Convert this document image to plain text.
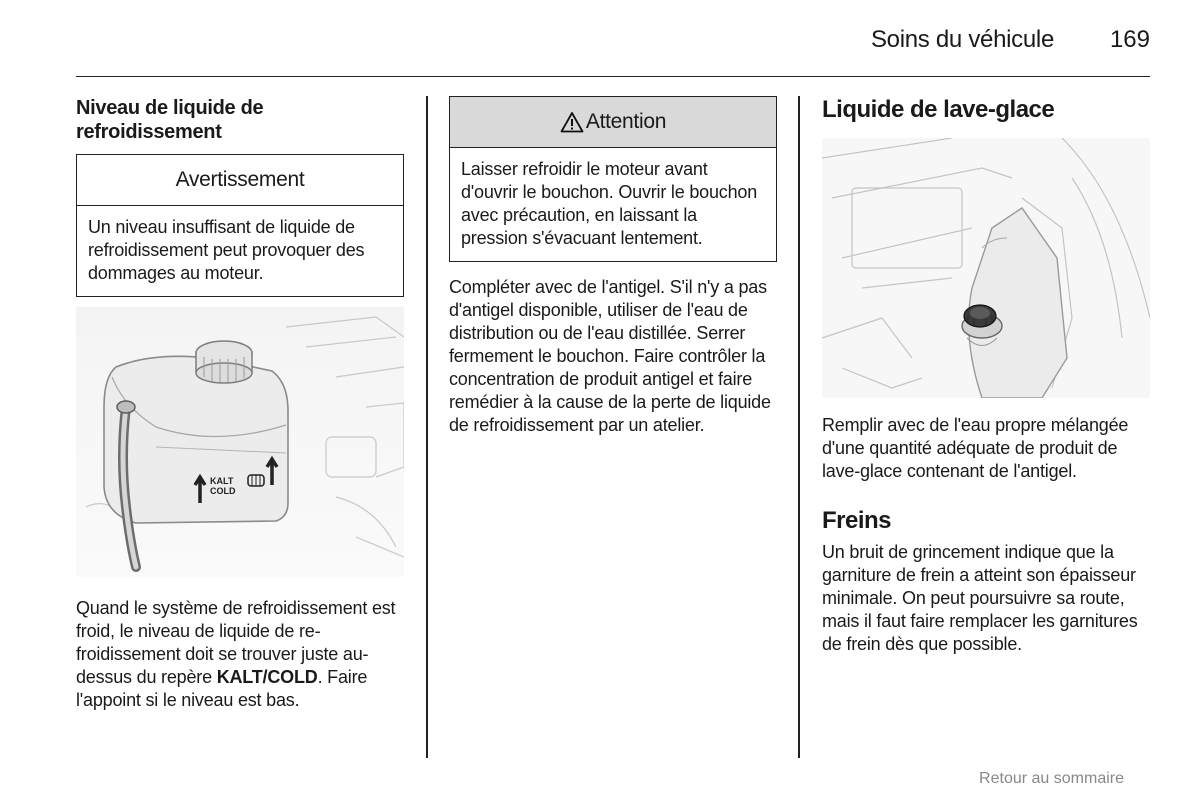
Soins du véhicule 169
Niveau de liquide de refroidissement
Avertissement

Un niveau insuffisant de liquide de refroidissement peut provoquer des dommages au moteur.

KALT
COLD

Quand le système de refroidissement est froid, le niveau de liquide de refroidissement doit se trouver juste audessus du repère KALT/COLD. Faire l'appoint si le niveau est bas.

Attention

Laisser refroidir le moteur avant d'ouvrir le bouchon. Ouvrir le bouchon avec précaution, en laissant la pression s'évacuant lentement.

Compléter avec de l'antigel. S'il n'y a pas d'antigel disponible, utiliser de l'eau de distribution ou de l'eau distillée. Serrer fermement le bouchon. Faire contrôler la concentration de produit antigel et faire remédier à la cause de la perte de liquide de refroidissement par un atelier.

Liquide de lave-glace

Remplir avec de l'eau propre mélangée d'une quantité adéquate de produit de lave-glace contenant de l'antigel.

Freins

Un bruit de grincement indique que la garniture de frein a atteint son épaisseur minimale. On peut poursuivre sa route, mais il faut faire remplacer les garnitures de frein dès que possible.

Retour au sommaire
